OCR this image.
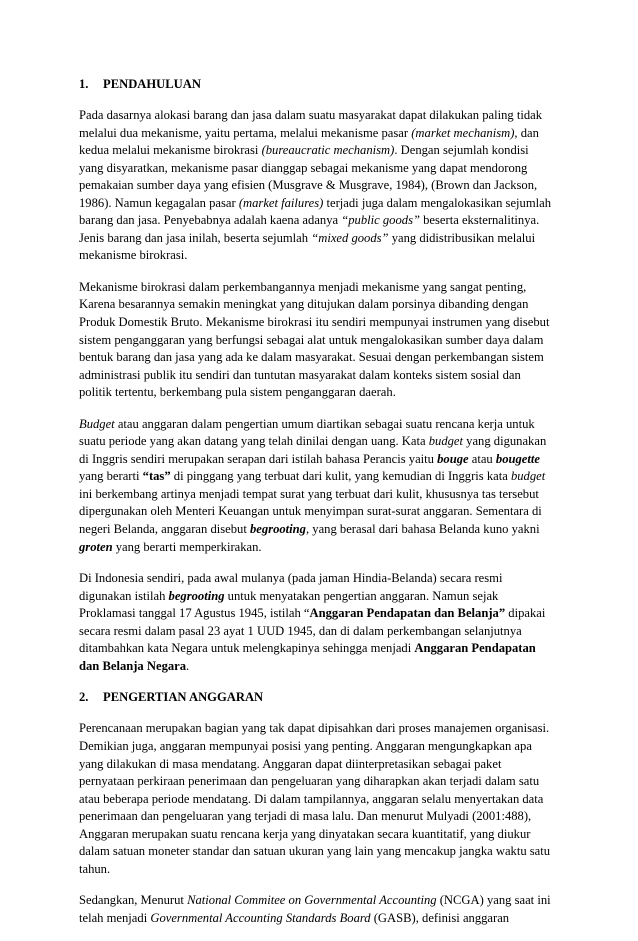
1. PENDAHULUAN
Pada dasarnya alokasi barang dan jasa dalam suatu masyarakat dapat dilakukan paling tidak
melalui dua mekanisme, yaitu pertama, melalui mekanisme pasar (market mechanism), dan
kedua melalui mekanisme birokrasi (bureaucratic mechanism). Dengan sejumlah kondisi
yang disyaratkan, mekanisme pasar dianggap sebagai mekanisme yang dapat mendorong
pemakaian sumber daya yang efisien (Musgrave & Musgrave, 1984), (Brown dan Jackson,
1986). Namun kegagalan pasar (market failures) terjadi juga dalam mengalokasikan sejumlah
barang dan jasa. Penyebabnya adalah kaena adanya “public goods” beserta eksternalitinya.
Jenis barang dan jasa inilah, beserta sejumlah “mixed goods” yang didistribusikan melalui
mekanisme birokrasi.
Mekanisme birokrasi dalam perkembangannya menjadi mekanisme yang sangat penting,
Karena besarannya semakin meningkat yang ditujukan dalam porsinya dibanding dengan
Produk Domestik Bruto. Mekanisme birokrasi itu sendiri mempunyai instrumen yang disebut
sistem penganggaran yang berfungsi sebagai alat untuk mengalokasikan sumber daya dalam
bentuk barang dan jasa yang ada ke dalam masyarakat. Sesuai dengan perkembangan sistem
administrasi publik itu sendiri dan tuntutan masyarakat dalam konteks sistem sosial dan
politik tertentu, berkembang pula sistem penganggaran daerah.
Budget atau anggaran dalam pengertian umum diartikan sebagai suatu rencana kerja untuk
suatu periode yang akan datang yang telah dinilai dengan uang. Kata budget yang digunakan
di Inggris sendiri merupakan serapan dari istilah bahasa Perancis yaitu bouge atau bougette
yang berarti “tas” di pinggang yang terbuat dari kulit, yang kemudian di Inggris kata budget
ini berkembang artinya menjadi tempat surat yang terbuat dari kulit, khususnya tas tersebut
dipergunakan oleh Menteri Keuangan untuk menyimpan surat-surat anggaran. Sementara di
negeri Belanda, anggaran disebut begrooting, yang berasal dari bahasa Belanda kuno yakni
groten yang berarti memperkirakan.
Di Indonesia sendiri, pada awal mulanya (pada jaman Hindia-Belanda) secara resmi
digunakan istilah begrooting untuk menyatakan pengertian anggaran. Namun sejak
Proklamasi tanggal 17 Agustus 1945, istilah “Anggaran Pendapatan dan Belanja” dipakai
secara resmi dalam pasal 23 ayat 1 UUD 1945, dan di dalam perkembangan selanjutnya
ditambahkan kata Negara untuk melengkapinya sehingga menjadi Anggaran Pendapatan
dan Belanja Negara.
2. PENGERTIAN ANGGARAN
Perencanaan merupakan bagian yang tak dapat dipisahkan dari proses manajemen organisasi.
Demikian juga, anggaran mempunyai posisi yang penting. Anggaran mengungkapkan apa
yang dilakukan di masa mendatang. Anggaran dapat diinterpretasikan sebagai paket
pernyataan perkiraan penerimaan dan pengeluaran yang diharapkan akan terjadi dalam satu
atau beberapa periode mendatang. Di dalam tampilannya, anggaran selalu menyertakan data
penerimaan dan pengeluaran yang terjadi di masa lalu. Dan menurut Mulyadi (2001:488),
Anggaran merupakan suatu rencana kerja yang dinyatakan secara kuantitatif, yang diukur
dalam satuan moneter standar dan satuan ukuran yang lain yang mencakup jangka waktu satu
tahun.
Sedangkan, Menurut National Commitee on Governmental Accounting (NCGA) yang saat ini
telah menjadi Governmental Accounting Standards Board (GASB), definisi anggaran
